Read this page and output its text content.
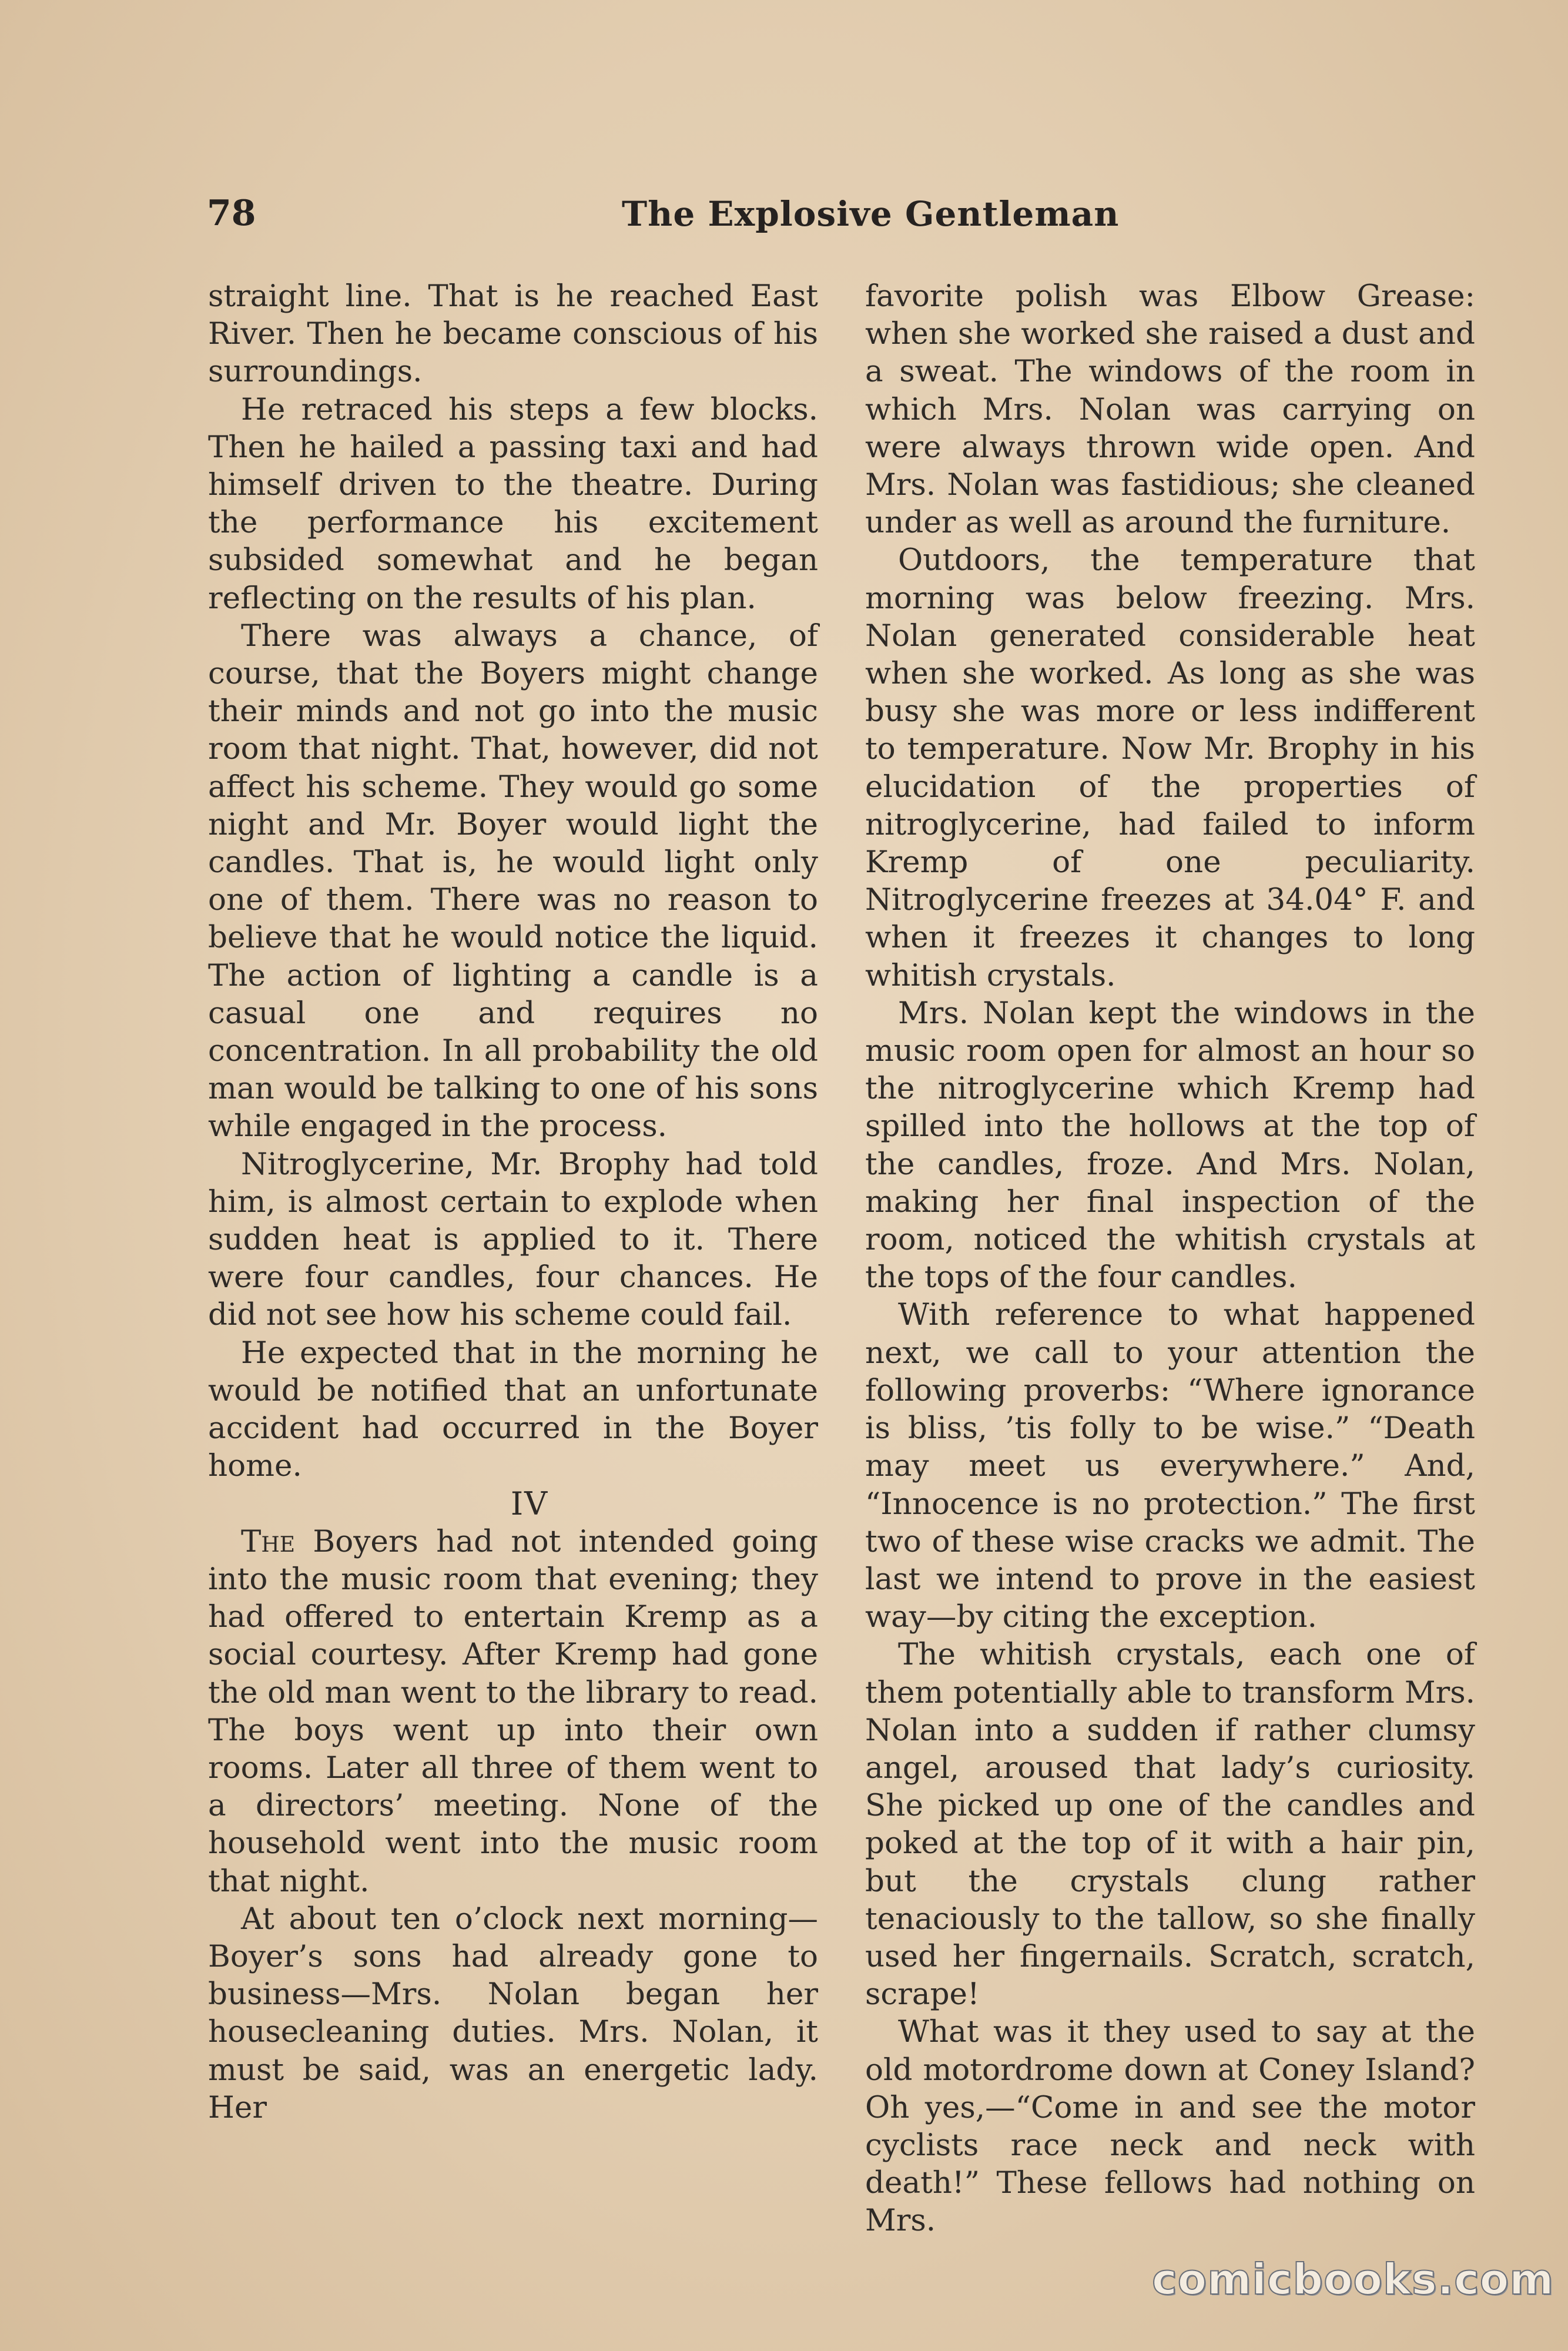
78	The Explosive Gentleman

straight line. That is he reached East River. Then he became conscious of his surroundings.

He retraced his steps a few blocks. Then he hailed a passing taxi and had himself driven to the theatre. During the performance his excitement subsided somewhat and he began reflecting on the results of his plan.

There was always a chance, of course, that the Boyers might change their minds and not go into the music room that night. That, however, did not affect his scheme. They would go some night and Mr. Boyer would light the candles. That is, he would light only one of them. There was no reason to believe that he would notice the liquid. The action of lighting a candle is a casual one and requires no concentration. In all probability the old man would be talking to one of his sons while engaged in the process.

Nitroglycerine, Mr. Brophy had told him, is almost certain to explode when sudden heat is applied to it. There were four candles, four chances. He did not see how his scheme could fail.

He expected that in the morning he would be notified that an unfortunate accident had occurred in the Boyer home.

IV

The Boyers had not intended going into the music room that evening; they had offered to entertain Kremp as a social courtesy. After Kremp had gone the old man went to the library to read. The boys went up into their own rooms. Later all three of them went to a directors’ meeting. None of the household went into the music room that night.

At about ten o’clock next morning—Boyer’s sons had already gone to business—Mrs. Nolan began her housecleaning duties. Mrs. Nolan, it must be said, was an energetic lady. Her

favorite polish was Elbow Grease: when she worked she raised a dust and a sweat. The windows of the room in which Mrs. Nolan was carrying on were always thrown wide open. And Mrs. Nolan was fastidious; she cleaned under as well as around the furniture.

Outdoors, the temperature that morning was below freezing. Mrs. Nolan generated considerable heat when she worked. As long as she was busy she was more or less indifferent to temperature. Now Mr. Brophy in his elucidation of the properties of nitroglycerine, had failed to inform Kremp of one peculiarity. Nitroglycerine freezes at 34.04° F. and when it freezes it changes to long whitish crystals.

Mrs. Nolan kept the windows in the music room open for almost an hour so the nitroglycerine which Kremp had spilled into the hollows at the top of the candles, froze. And Mrs. Nolan, making her final inspection of the room, noticed the whitish crystals at the tops of the four candles.

With reference to what happened next, we call to your attention the following proverbs: “Where ignorance is bliss, ’tis folly to be wise.” “Death may meet us everywhere.” And, “Innocence is no protection.” The first two of these wise cracks we admit. The last we intend to prove in the easiest way—by citing the exception.

The whitish crystals, each one of them potentially able to transform Mrs. Nolan into a sudden if rather clumsy angel, aroused that lady’s curiosity. She picked up one of the candles and poked at the top of it with a hair pin, but the crystals clung rather tenaciously to the tallow, so she finally used her fingernails. Scratch, scratch, scrape!

What was it they used to say at the old motordrome down at Coney Island? Oh yes,—“Come in and see the motor cyclists race neck and neck with death!” These fellows had nothing on Mrs.

comicbooks.com
